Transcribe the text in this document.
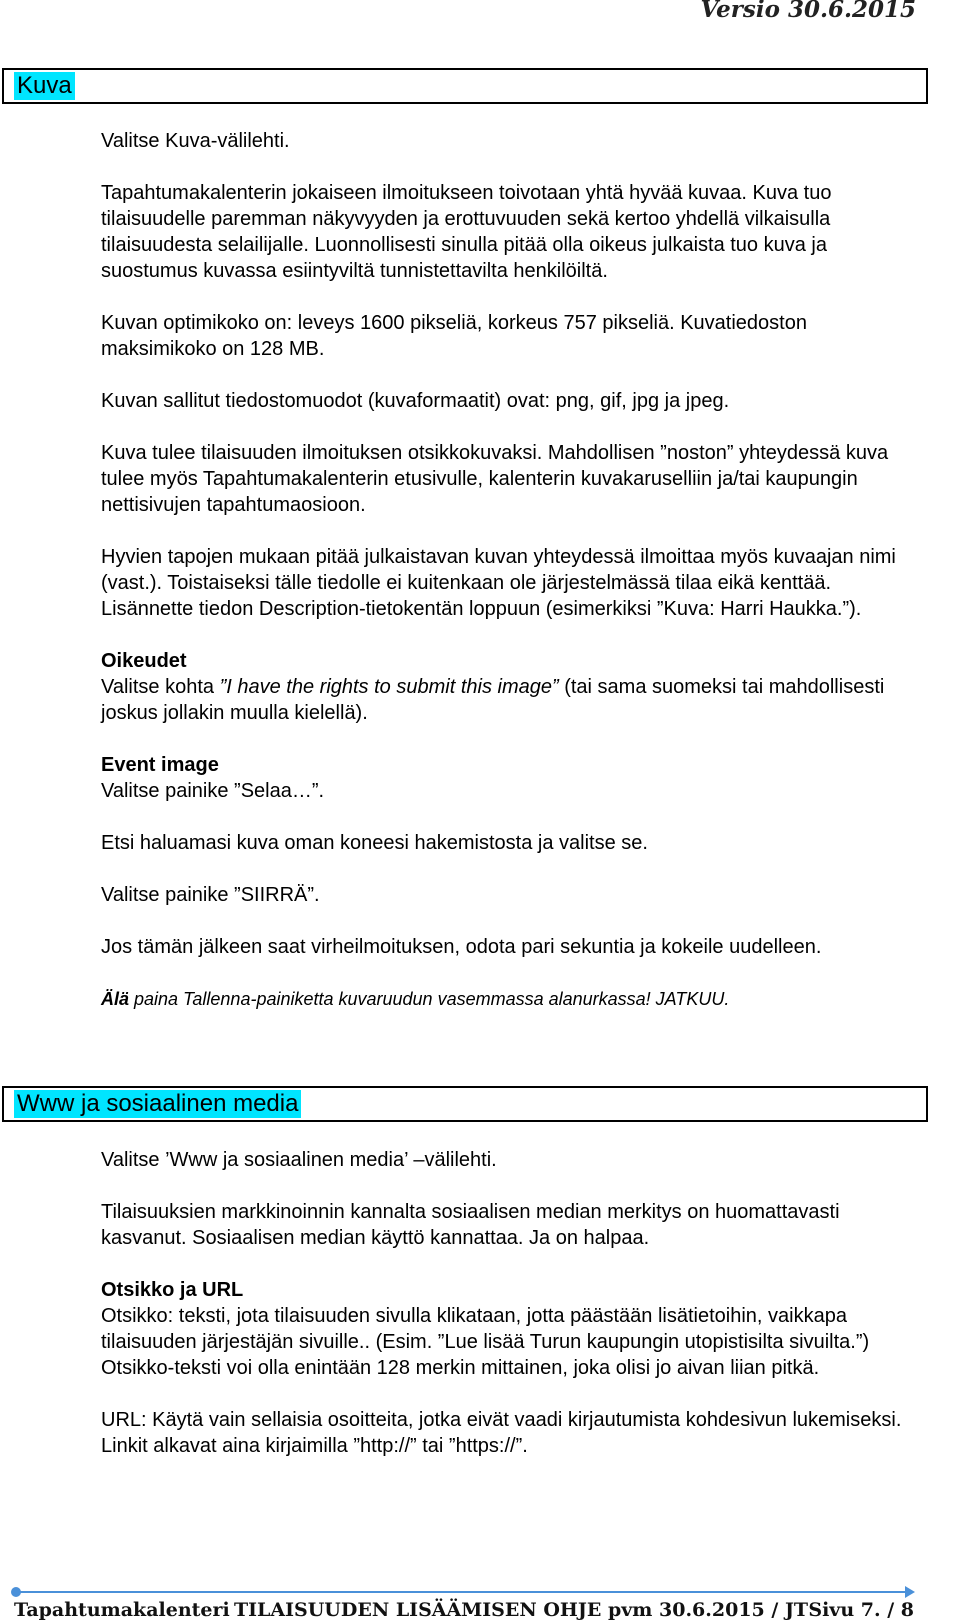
Versio 30.6.2015
Kuva

Valitse Kuva-välilehti.

Tapahtumakalenterin jokaiseen ilmoitukseen toivotaan yhtä hyvää kuvaa. Kuva tuo tilaisuudelle paremman näkyvyyden ja erottuvuuden sekä kertoo yhdellä vilkaisulla tilaisuudesta selailijalle. Luonnollisesti sinulla pitää olla oikeus julkaista tuo kuva ja suostumus kuvassa esiintyviltä tunnistettavilta henkilöiltä.

Kuvan optimikoko on: leveys 1600 pikseliä, korkeus 757 pikseliä. Kuvatiedoston maksimikoko on 128 MB.

Kuvan sallitut tiedostomuodot (kuvaformaatit) ovat: png, gif, jpg ja jpeg.

Kuva tulee tilaisuuden ilmoituksen otsikkokuvaksi. Mahdollisen ”noston” yhteydessä kuva tulee myös Tapahtumakalenterin etusivulle, kalenterin kuvakaruselliin ja/tai kaupungin nettisivujen tapahtumaosioon.

Hyvien tapojen mukaan pitää julkaistavan kuvan yhteydessä ilmoittaa myös kuvaajan nimi (vast.). Toistaiseksi tälle tiedolle ei kuitenkaan ole järjestelmässä tilaa eikä kenttää. Lisännette tiedon Description-tietokentän loppuun (esimerkiksi ”Kuva: Harri Haukka.”).

Oikeudet
Valitse kohta ”I have the rights to submit this image” (tai sama suomeksi tai mahdollisesti joskus jollakin muulla kielellä).

Event image
Valitse painike ”Selaa…”.

Etsi haluamasi kuva oman koneesi hakemistosta ja valitse se.

Valitse painike ”SIIRRÄ”.

Jos tämän jälkeen saat virheilmoituksen, odota pari sekuntia ja kokeile uudelleen.

Älä paina Tallenna-painiketta kuvaruudun vasemmassa alanurkassa! JATKUU.

Www ja sosiaalinen media

Valitse ’Www ja sosiaalinen media’ –välilehti.

Tilaisuuksien markkinoinnin kannalta sosiaalisen median merkitys on huomattavasti kasvanut. Sosiaalisen median käyttö kannattaa. Ja on halpaa.

Otsikko ja URL
Otsikko: teksti, jota tilaisuuden sivulla klikataan, jotta päästään lisätietoihin, vaikkapa tilaisuuden järjestäjän sivuille.. (Esim. ”Lue lisää Turun kaupungin utopistisilta sivuilta.”) Otsikko-teksti voi olla enintään 128 merkin mittainen, joka olisi jo aivan liian pitkä.

URL: Käytä vain sellaisia osoitteita, jotka eivät vaadi kirjautumista kohdesivun lukemiseksi. Linkit alkavat aina kirjaimilla ”http://” tai ”https://”.

Tapahtumakalenteri TILAISUUDEN LISÄÄMISEN OHJE pvm 30.6.2015 / JT Sivu 7. / 8
